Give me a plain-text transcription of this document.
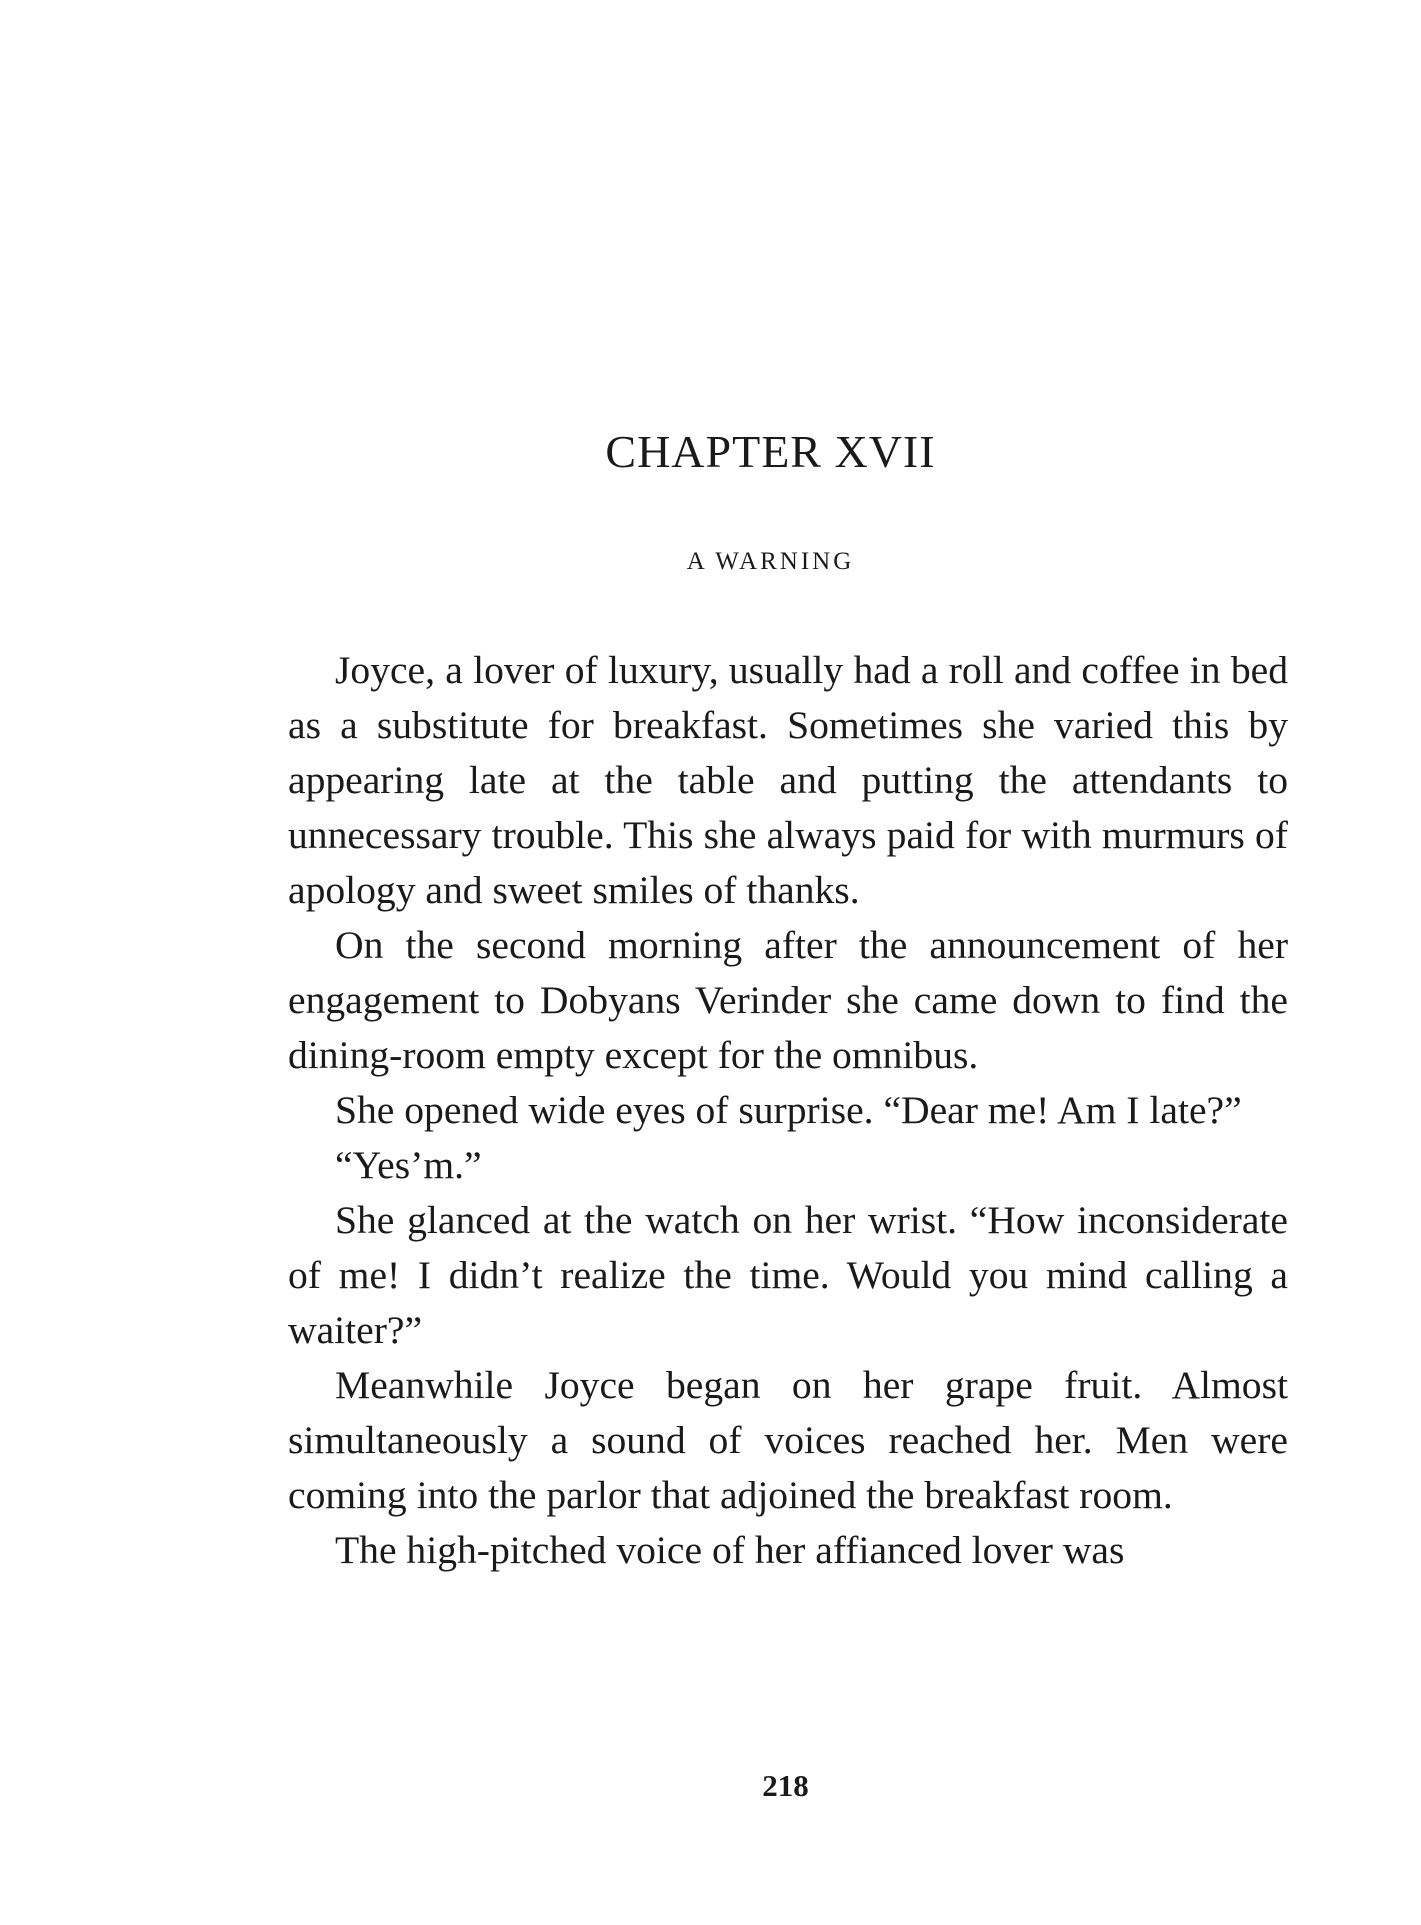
CHAPTER XVII
A WARNING

Joyce, a lover of luxury, usually had a roll and coffee in bed as a substitute for breakfast. Sometimes she varied this by appearing late at the table and putting the attendants to unnecessary trouble. This she always paid for with murmurs of apology and sweet smiles of thanks.

On the second morning after the announcement of her engagement to Dobyans Verinder she came down to find the dining-room empty except for the omnibus.

She opened wide eyes of surprise. “Dear me! Am I late?”

“Yes’m.”

She glanced at the watch on her wrist. “How inconsiderate of me! I didn’t realize the time. Would you mind calling a waiter?”

Meanwhile Joyce began on her grape fruit. Almost simultaneously a sound of voices reached her. Men were coming into the parlor that adjoined the breakfast room.

The high-pitched voice of her affianced lover was

218
